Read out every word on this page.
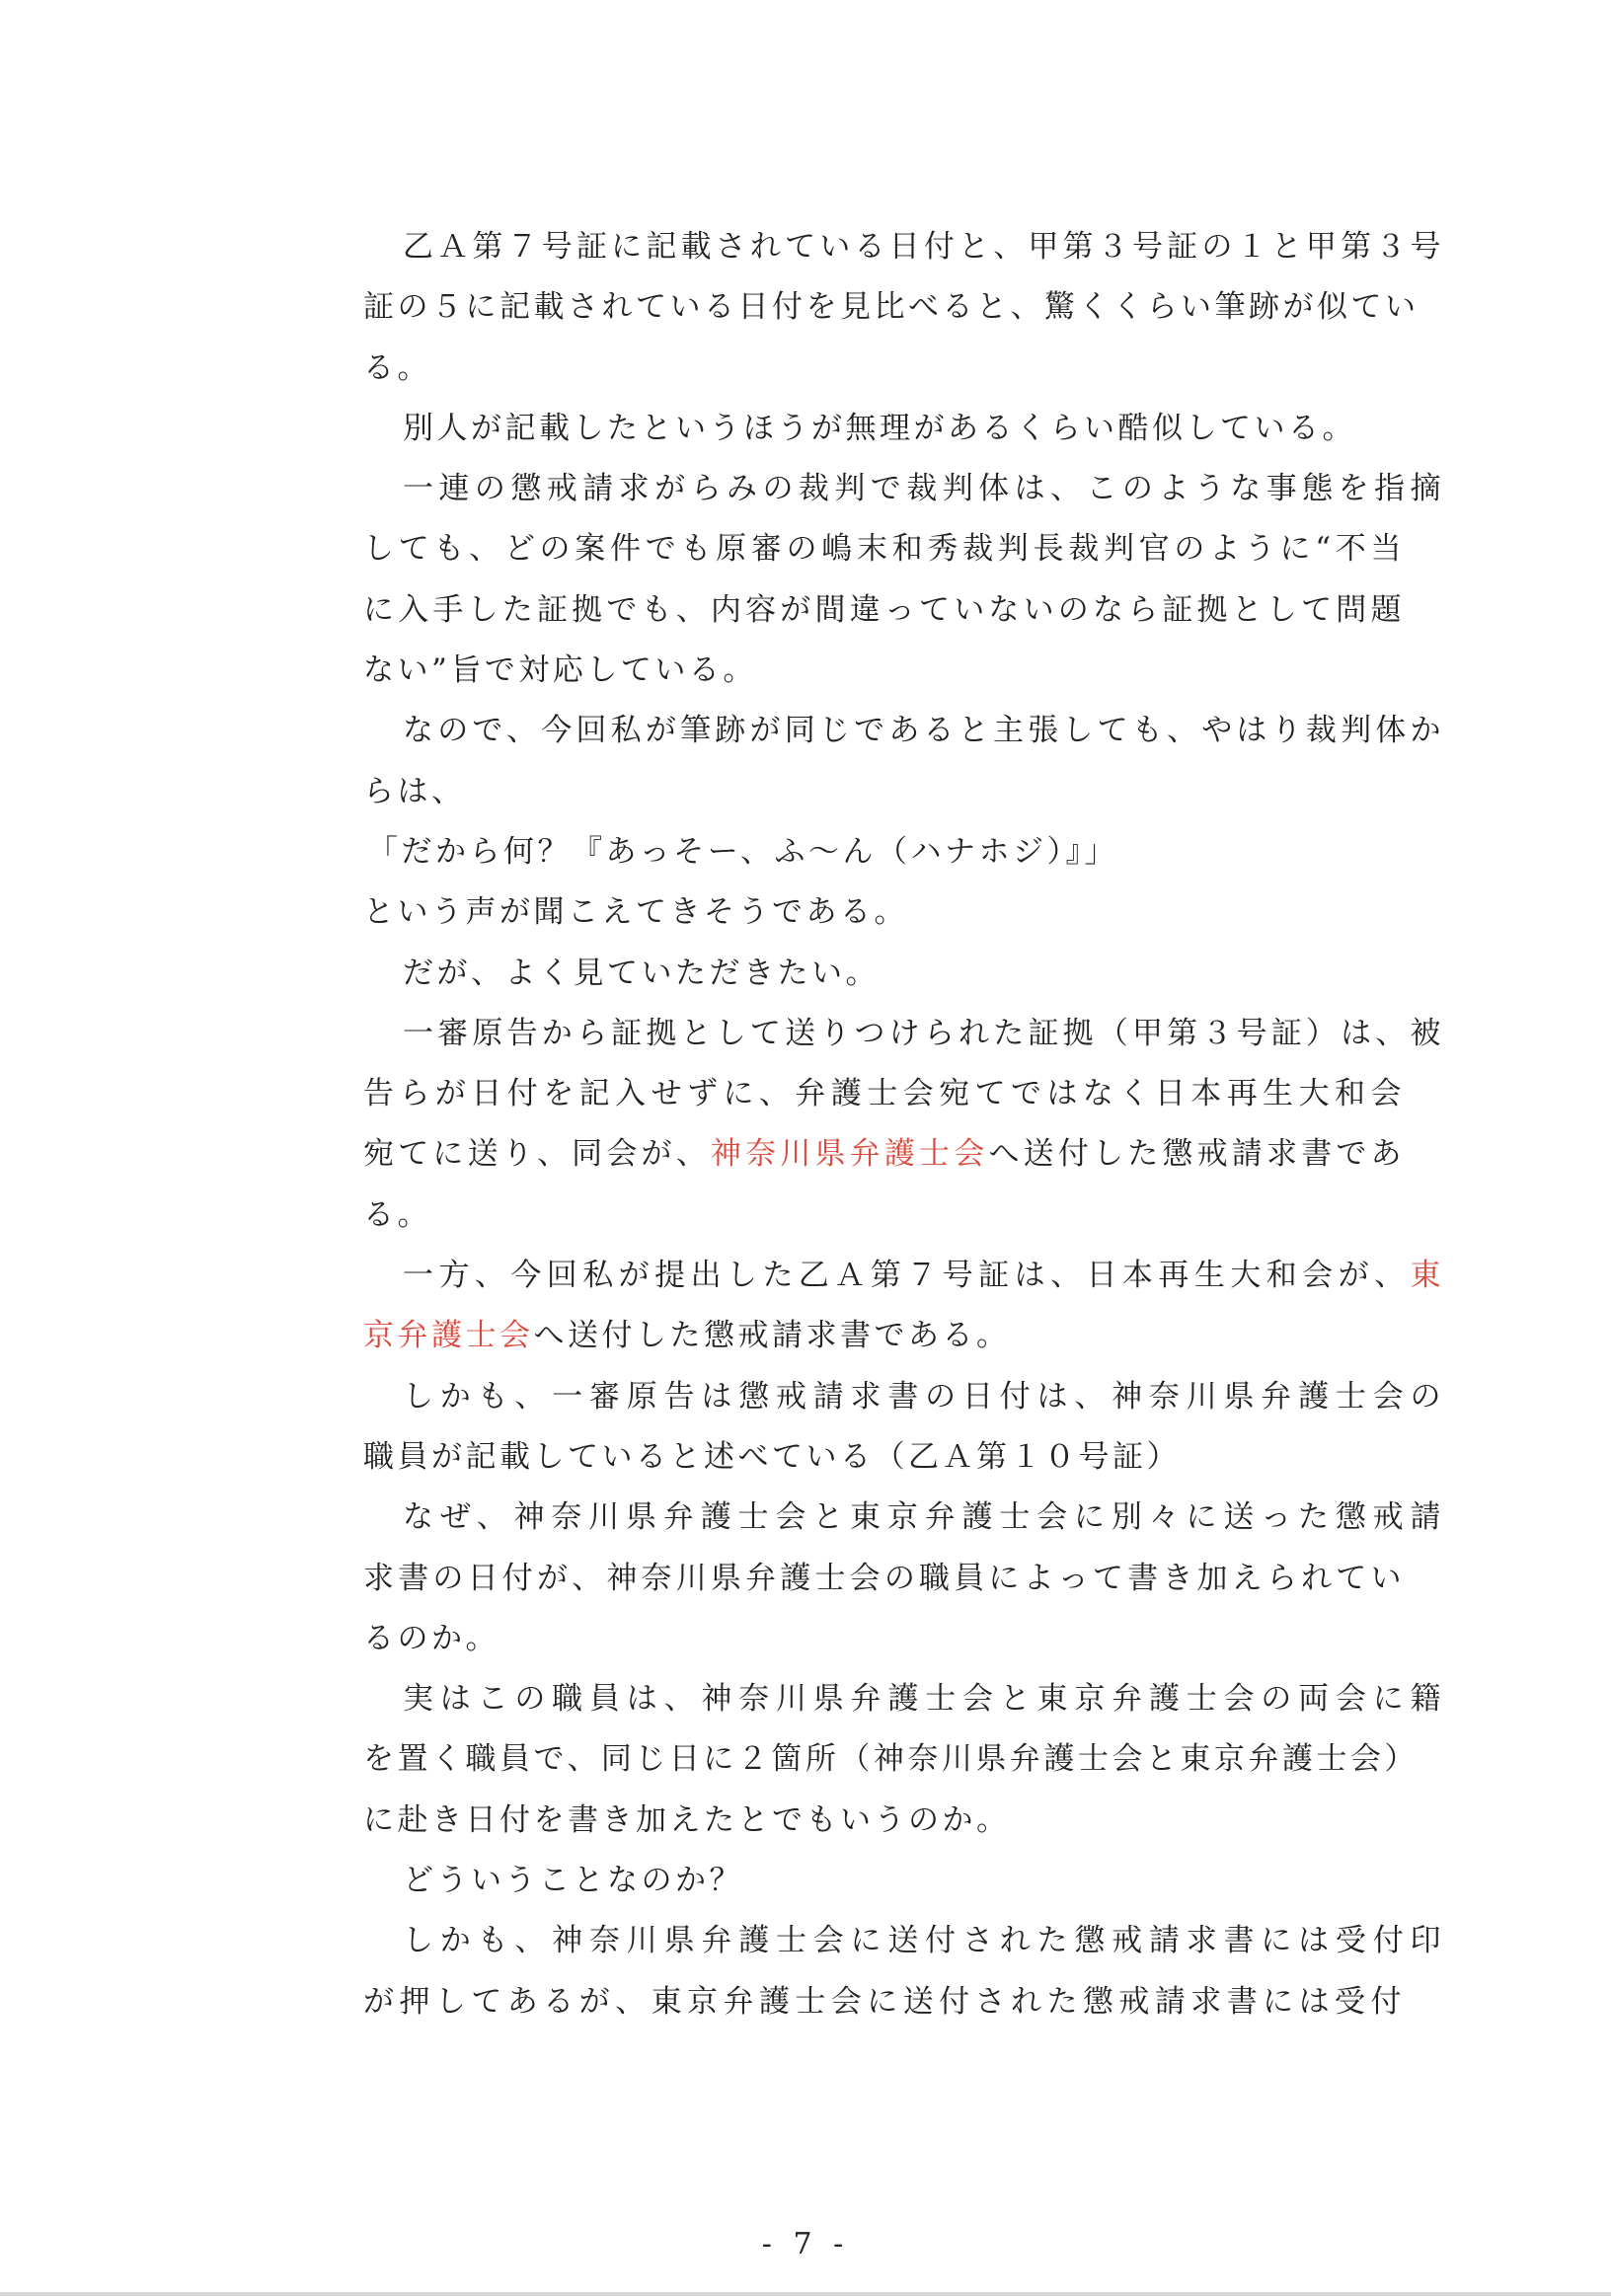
乙Ａ第７号証に記載されている日付と、甲第３号証の１と甲第３号
証の５に記載されている日付を見比べると、驚くくらい筆跡が似てい
る。
別人が記載したというほうが無理があるくらい酷似している。
一連の懲戒請求がらみの裁判で裁判体は、このような事態を指摘
しても、どの案件でも原審の嶋末和秀裁判長裁判官のように“不当
に入手した証拠でも、内容が間違っていないのなら証拠として問題
ない”旨で対応している。
なので、今回私が筆跡が同じであると主張しても、やはり裁判体か
らは、
「だから何？『あっそー、ふ～ん（ハナホジ）』」
という声が聞こえてきそうである。
だが、よく見ていただきたい。
一審原告から証拠として送りつけられた証拠（甲第３号証）は、被
告らが日付を記入せずに、弁護士会宛てではなく日本再生大和会
宛てに送り、同会が、神奈川県弁護士会へ送付した懲戒請求書であ
る。
一方、今回私が提出した乙Ａ第７号証は、日本再生大和会が、東
京弁護士会へ送付した懲戒請求書である。
しかも、一審原告は懲戒請求書の日付は、神奈川県弁護士会の
職員が記載していると述べている（乙Ａ第１０号証）
なぜ、神奈川県弁護士会と東京弁護士会に別々に送った懲戒請
求書の日付が、神奈川県弁護士会の職員によって書き加えられてい
るのか。
実はこの職員は、神奈川県弁護士会と東京弁護士会の両会に籍
を置く職員で、同じ日に２箇所（神奈川県弁護士会と東京弁護士会）
に赴き日付を書き加えたとでもいうのか。
どういうことなのか？
しかも、神奈川県弁護士会に送付された懲戒請求書には受付印
が押してあるが、東京弁護士会に送付された懲戒請求書には受付
- 7 -
